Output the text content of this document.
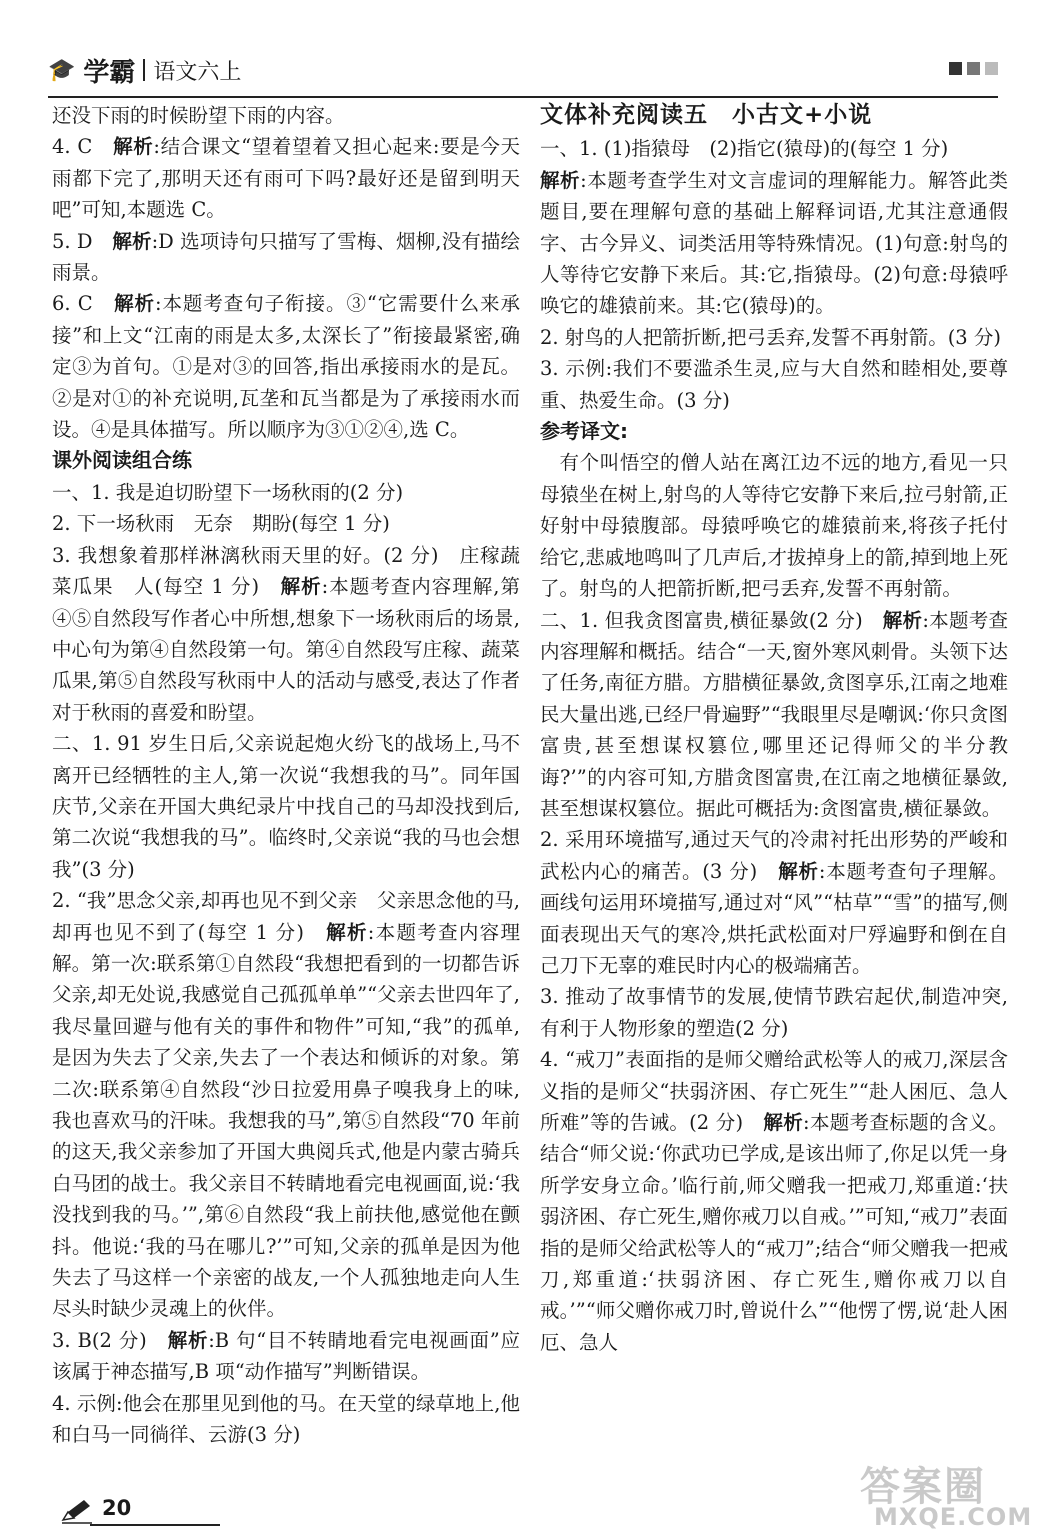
🎓 学霸 语文六上

还没下雨的时候盼望下雨的内容。

4. C　 解析:结合课文“望着望着又担心起来:要是今天雨都下完了,那明天还有雨可下吗?最好还是留到明天吧”可知,本题选 C。

5. D　 解析:D 选项诗句只描写了雪梅、烟柳,没有描绘雨景。

6. C　 解析:本题考查句子衔接。③“它需要什么来承接”和上文“江南的雨是太多,太深长了”衔接最紧密,确定③为首句。①是对③的回答,指出承接雨水的是瓦。②是对①的补充说明,瓦垄和瓦当都是为了承接雨水而设。④是具体描写。所以顺序为③①②④,选 C。

课外阅读组合练

一、1. 我是迫切盼望下一场秋雨的(2 分)

2. 下一场秋雨　无奈　期盼(每空 1 分)

3. 我想象着那样淋漓秋雨天里的好。(2 分)　庄稼蔬菜瓜果　人(每空 1 分)　解析:本题考查内容理解,第④⑤自然段写作者心中所想,想象下一场秋雨后的场景,中心句为第④自然段第一句。第④自然段写庄稼、蔬菜瓜果,第⑤自然段写秋雨中人的活动与感受,表达了作者对于秋雨的喜爱和盼望。

二、1. 91 岁生日后,父亲说起炮火纷飞的战场上,马不离开已经牺牲的主人,第一次说“我想我的马”。同年国庆节,父亲在开国大典纪录片中找自己的马却没找到后,第二次说“我想我的马”。临终时,父亲说“我的马也会想我”(3 分)

2. “我”思念父亲,却再也见不到父亲　父亲思念他的马,却再也见不到了(每空 1 分)　解析:本题考查内容理解。第一次:联系第①自然段“我想把看到的一切都告诉父亲,却无处说,我感觉自己孤孤单单”“父亲去世四年了,我尽量回避与他有关的事件和物件”可知,“我”的孤单,是因为失去了父亲,失去了一个表达和倾诉的对象。第二次:联系第④自然段“沙日拉爱用鼻子嗅我身上的味,我也喜欢马的汗味。我想我的马”,第⑤自然段“70 年前的这天,我父亲参加了开国大典阅兵式,他是内蒙古骑兵白马团的战士。我父亲目不转睛地看完电视画面,说:‘我没找到我的马。’”,第⑥自然段“我上前扶他,感觉他在颤抖。他说:‘我的马在哪儿?’”可知,父亲的孤单是因为他失去了马这样一个亲密的战友,一个人孤独地走向人生尽头时缺少灵魂上的伙伴。

3. B(2 分)　解析:B 句“目不转睛地看完电视画面”应该属于神态描写,B 项“动作描写”判断错误。

4. 示例:他会在那里见到他的马。在天堂的绿草地上,他和白马一同徜徉、云游(3 分)

文体补充阅读五　小古文+小说

一、1. (1)指猿母　(2)指它(猿母)的(每空 1 分)

解析:本题考查学生对文言虚词的理解能力。解答此类题目,要在理解句意的基础上解释词语,尤其注意通假字、古今异义、词类活用等特殊情况。(1)句意:射鸟的人等待它安静下来后。其:它,指猿母。(2)句意:母猿呼唤它的雄猿前来。其:它(猿母)的。

2. 射鸟的人把箭折断,把弓丢弃,发誓不再射箭。(3 分)

3. 示例:我们不要滥杀生灵,应与大自然和睦相处,要尊重、热爱生命。(3 分)

参考译文:

有个叫悟空的僧人站在离江边不远的地方,看见一只母猿坐在树上,射鸟的人等待它安静下来后,拉弓射箭,正好射中母猿腹部。母猿呼唤它的雄猿前来,将孩子托付给它,悲戚地鸣叫了几声后,才拔掉身上的箭,掉到地上死了。射鸟的人把箭折断,把弓丢弃,发誓不再射箭。

二、1. 但我贪图富贵,横征暴敛(2 分)　解析:本题考查内容理解和概括。结合“一天,窗外寒风刺骨。头领下达了任务,南征方腊。方腊横征暴敛,贪图享乐,江南之地难民大量出逃,已经尸骨遍野”“我眼里尽是嘲讽:‘你只贪图富贵,甚至想谋权篡位,哪里还记得师父的半分教诲?’”的内容可知,方腊贪图富贵,在江南之地横征暴敛,甚至想谋权篡位。据此可概括为:贪图富贵,横征暴敛。

2. 采用环境描写,通过天气的冷肃衬托出形势的严峻和武松内心的痛苦。(3 分)　解析:本题考查句子理解。画线句运用环境描写,通过对“风”“枯草”“雪”的描写,侧面表现出天气的寒冷,烘托武松面对尸殍遍野和倒在自己刀下无辜的难民时内心的极端痛苦。

3. 推动了故事情节的发展,使情节跌宕起伏,制造冲突,有利于人物形象的塑造(2 分)

4. “戒刀”表面指的是师父赠给武松等人的戒刀,深层含义指的是师父“扶弱济困、存亡死生”“赴人困厄、急人所难”等的告诫。(2 分)　解析:本题考查标题的含义。结合“师父说:‘你武功已学成,是该出师了,你足以凭一身所学安身立命。’临行前,师父赠我一把戒刀,郑重道:‘扶弱济困、存亡死生,赠你戒刀以自戒。’”可知,“戒刀”表面指的是师父给武松等人的“戒刀”;结合“师父赠我一把戒刀,郑重道:‘扶弱济困、存亡死生,赠你戒刀以自戒。’”“师父赠你戒刀时,曾说什么”“他愣了愣,说‘赴人困厄、急人

20	答案圈
MXQE.COM
